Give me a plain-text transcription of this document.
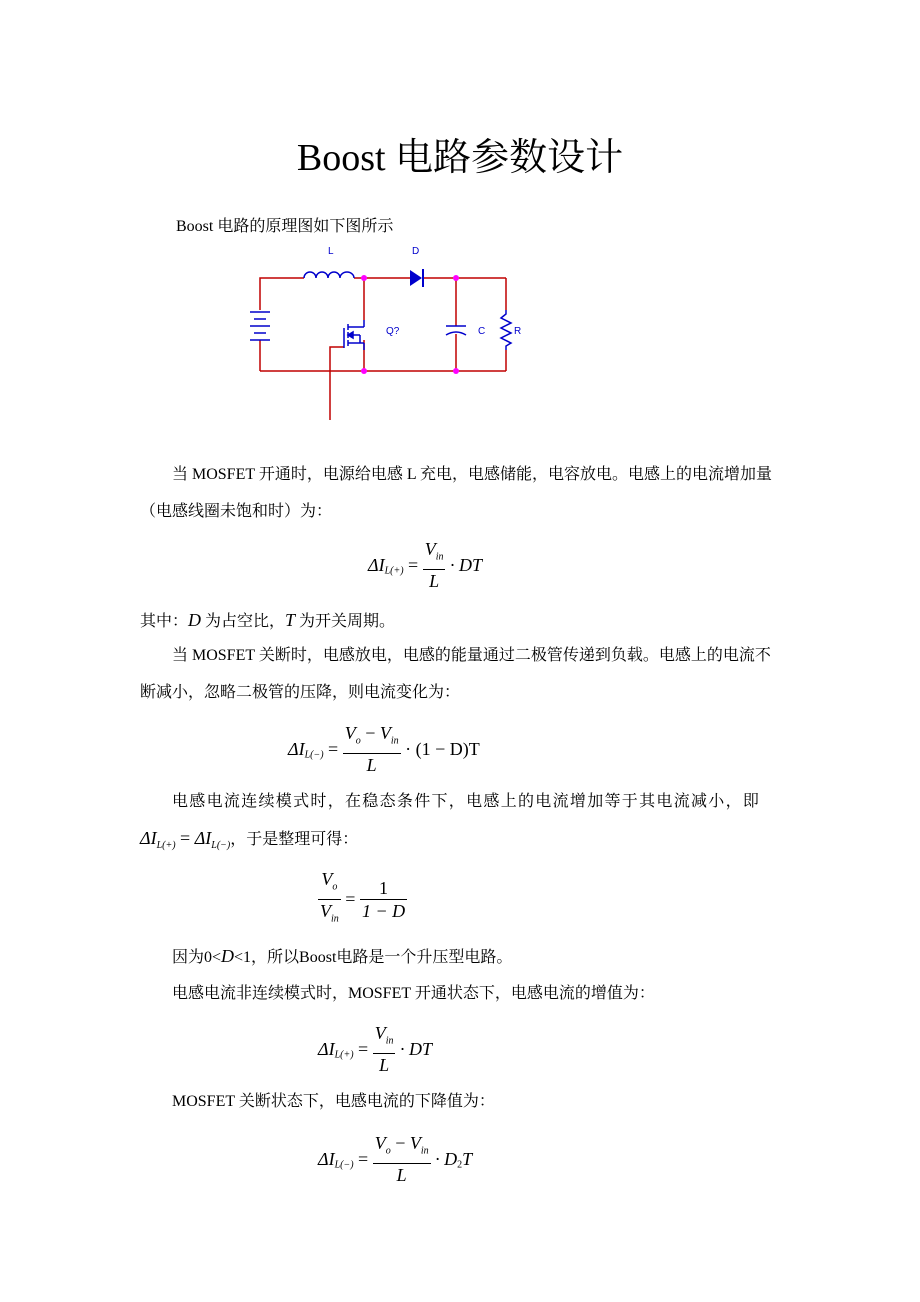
Boost 电路参数设计
Boost 电路的原理图如下图所示
L	D
Q?	C	R
当 MOSFET 开通时，电源给电感 L 充电，电感储能，电容放电。电感上的电流增加量
（电感线圈未饱和时）为：
$\Delta I_{L(+)} = \frac{V_{in}}{L}$ · DT
其中：D 为占空比，T 为开关周期。
当 MOSFET 关断时，电感放电，电感的能量通过二极管传递到负载。电感上的电流不
断减小，忽略二极管的压降，则电流变化为：
$\Delta I_{L(-)} = \frac{V_o - V_{in}}{L} \cdot (1 - D)T$
电感电流连续模式时，在稳态条件下，电感上的电流增加等于其电流减小，即
$\Delta I_{L(+)} = \Delta I_{L(-)}$，于是整理可得：
$\frac{V_o}{V_{in}} = \frac{1}{1 - D}$
因为0<D<1，所以Boost电路是一个升压型电路。
电感电流非连续模式时，MOSFET 开通状态下，电感电流的增值为：
$\Delta I_{L(+)} = \frac{V_{in}}{L}$ · DT
MOSFET 关断状态下，电感电流的下降值为：
$\Delta I_{L(-)} = \frac{V_o - V_{in}}{L} \cdot D_2T$
